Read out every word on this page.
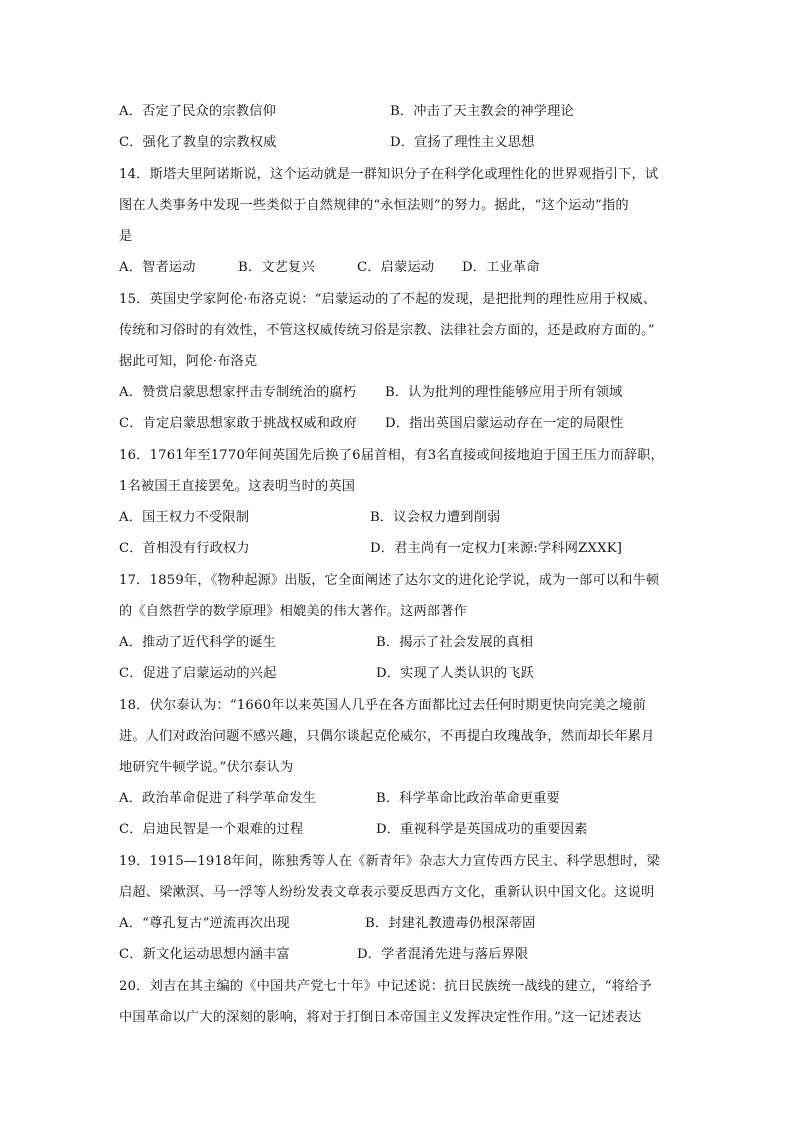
A．否定了民众的宗教信仰	B．冲击了天主教会的神学理论
C．强化了教皇的宗教权威	D．宣扬了理性主义思想
14．斯塔夫里阿诺斯说，这个运动就是一群知识分子在科学化或理性化的世界观指引下，试
图在人类事务中发现一些类似于自然规律的“永恒法则”的努力。据此，“这个运动”指的
是
A．智者运动	B．文艺复兴	C．启蒙运动 D．工业革命
15．英国史学家阿伦·布洛克说：“启蒙运动的了不起的发现，是把批判的理性应用于权威、
传统和习俗时的有效性，不管这权威传统习俗是宗教、法律社会方面的，还是政府方面的。”
据此可知，阿伦·布洛克
A．赞赏启蒙思想家抨击专制统治的腐朽 B．认为批判的理性能够应用于所有领域
C．肯定启蒙思想家敢于挑战权威和政府 D．指出英国启蒙运动存在一定的局限性
16．1761年至1770年间英国先后换了6届首相，有3名直接或间接地迫于国王压力而辞职，
1名被国王直接罢免。这表明当时的英国
A．国王权力不受限制	B．议会权力遭到削弱
C．首相没有行政权力	D．君主尚有一定权力[来源:学科网ZXXK]
17．1859年，《物种起源》出版，它全面阐述了达尔文的进化论学说，成为一部可以和牛顿
的《自然哲学的数学原理》相媲美的伟大著作。这两部著作
A．推动了近代科学的诞生	B．揭示了社会发展的真相
C．促进了启蒙运动的兴起	D．实现了人类认识的飞跃
18．伏尔泰认为：“1660年以来英国人几乎在各方面都比过去任何时期更快向完美之境前
进。人们对政治问题不感兴趣，只偶尔谈起克伦威尔，不再提白玫瑰战争，然而却长年累月
地研究牛顿学说。”伏尔泰认为
A．政治革命促进了科学革命发生	B．科学革命比政治革命更重要
C．启迪民智是一个艰难的过程	D．重视科学是英国成功的重要因素
19．1915—1918年间，陈独秀等人在《新青年》杂志大力宣传西方民主、科学思想时，梁
启超、梁漱溟、马一浮等人纷纷发表文章表示要反思西方文化，重新认识中国文化。这说明
A．“尊孔复古”逆流再次出现	B．封建礼教遗毒仍根深蒂固
C．新文化运动思想内涵丰富	D．学者混淆先进与落后界限
20．刘吉在其主编的《中国共产党七十年》中记述说：抗日民族统一战线的建立，“将给予
中国革命以广大的深刻的影响，将对于打倒日本帝国主义发挥决定性作用。”这一记述表达
